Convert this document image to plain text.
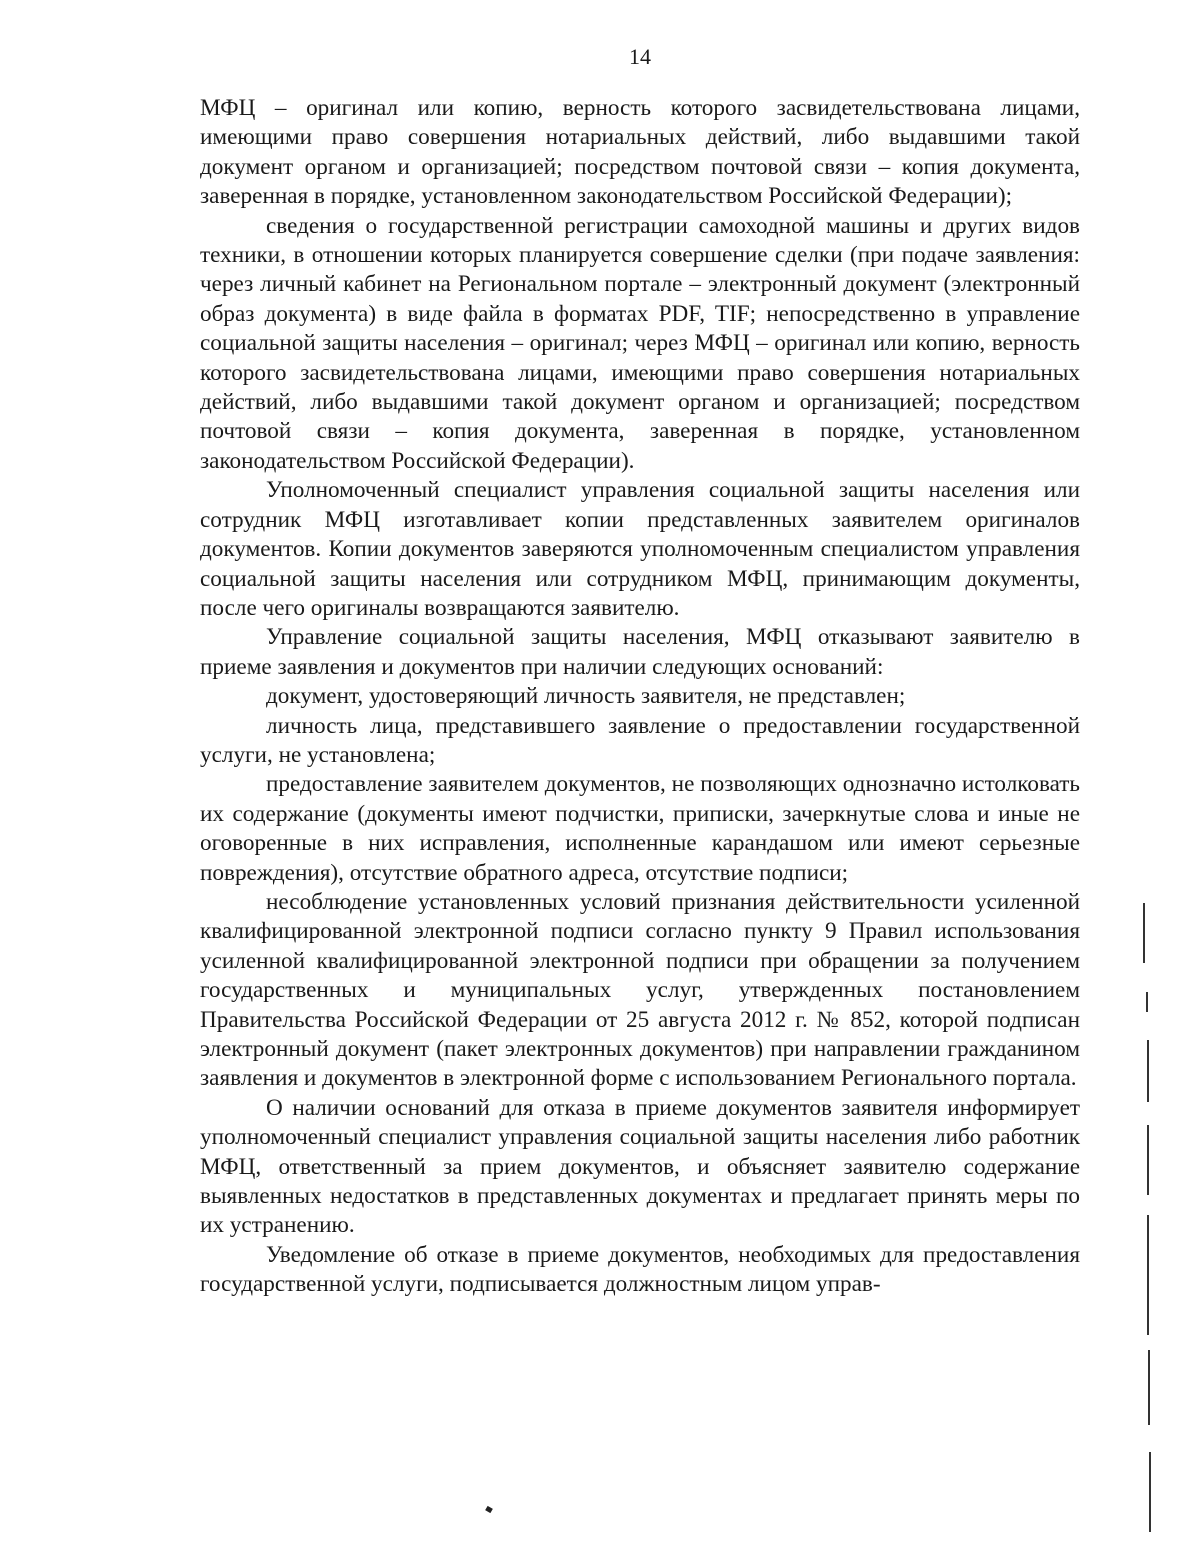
14

МФЦ – оригинал или копию, верность которого засвидетельствована лицами, имеющими право совершения нотариальных действий, либо выдавшими такой документ органом и организацией; посредством почтовой связи – копия документа, заверенная в порядке, установленном законодательством Российской Федерации);

сведения о государственной регистрации самоходной машины и других видов техники, в отношении которых планируется совершение сделки (при подаче заявления: через личный кабинет на Региональном портале – электронный документ (электронный образ документа) в виде файла в форматах PDF, TIF; непосредственно в управление социальной защиты населения – оригинал; через МФЦ – оригинал или копию, верность которого засвидетельствована лицами, имеющими право совершения нотариальных действий, либо выдавшими такой документ органом и организацией; посредством почтовой связи – копия документа, заверенная в порядке, установленном законодательством Российской Федерации).

Уполномоченный специалист управления социальной защиты населения или сотрудник МФЦ изготавливает копии представленных заявителем оригиналов документов. Копии документов заверяются уполномоченным специалистом управления социальной защиты населения или сотрудником МФЦ, принимающим документы, после чего оригиналы возвращаются заявителю.

Управление социальной защиты населения, МФЦ отказывают заявителю в приеме заявления и документов при наличии следующих оснований:

документ, удостоверяющий личность заявителя, не представлен;

личность лица, представившего заявление о предоставлении государственной услуги, не установлена;

предоставление заявителем документов, не позволяющих однозначно истолковать их содержание (документы имеют подчистки, приписки, зачеркнутые слова и иные не оговоренные в них исправления, исполненные карандашом или имеют серьезные повреждения), отсутствие обратного адреса, отсутствие подписи;

несоблюдение установленных условий признания действительности усиленной квалифицированной электронной подписи согласно пункту 9 Правил использования усиленной квалифицированной электронной подписи при обращении за получением государственных и муниципальных услуг, утвержденных постановлением Правительства Российской Федерации от 25 августа 2012 г. № 852, которой подписан электронный документ (пакет электронных документов) при направлении гражданином заявления и документов в электронной форме с использованием Регионального портала.

О наличии оснований для отказа в приеме документов заявителя информирует уполномоченный специалист управления социальной защиты населения либо работник МФЦ, ответственный за прием документов, и объясняет заявителю содержание выявленных недостатков в представленных документах и предлагает принять меры по их устранению.

Уведомление об отказе в приеме документов, необходимых для предоставления государственной услуги, подписывается должностным лицом управ-
